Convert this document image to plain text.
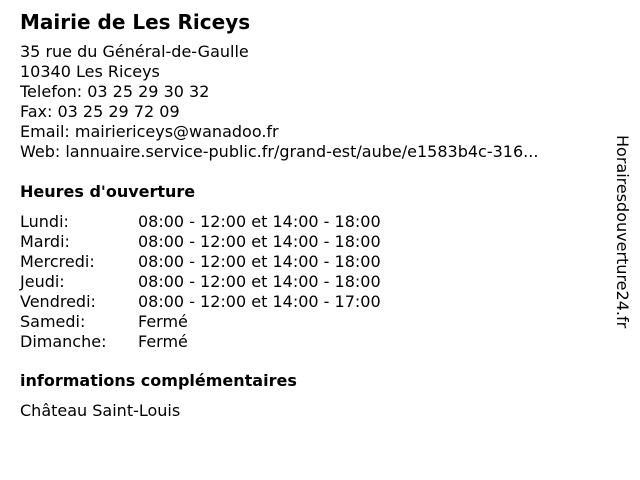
Mairie de Les Riceys
35 rue du Général-de-Gaulle
10340 Les Riceys
Telefon: 03 25 29 30 32
Fax: 03 25 29 72 09
Email: mairiericeys@wanadoo.fr
Web: lannuaire.service-public.fr/grand-est/aube/e1583b4c-316...
Heures d'ouverture
Lundi:	08:00 - 12:00 et 14:00 - 18:00
Mardi:	08:00 - 12:00 et 14:00 - 18:00
Mercredi:	08:00 - 12:00 et 14:00 - 18:00
Jeudi:	08:00 - 12:00 et 14:00 - 18:00
Vendredi:	08:00 - 12:00 et 14:00 - 17:00
Samedi:	Fermé
Dimanche: Fermé
informations complémentaires
Château Saint-Louis
Horairesdouverture24.fr
